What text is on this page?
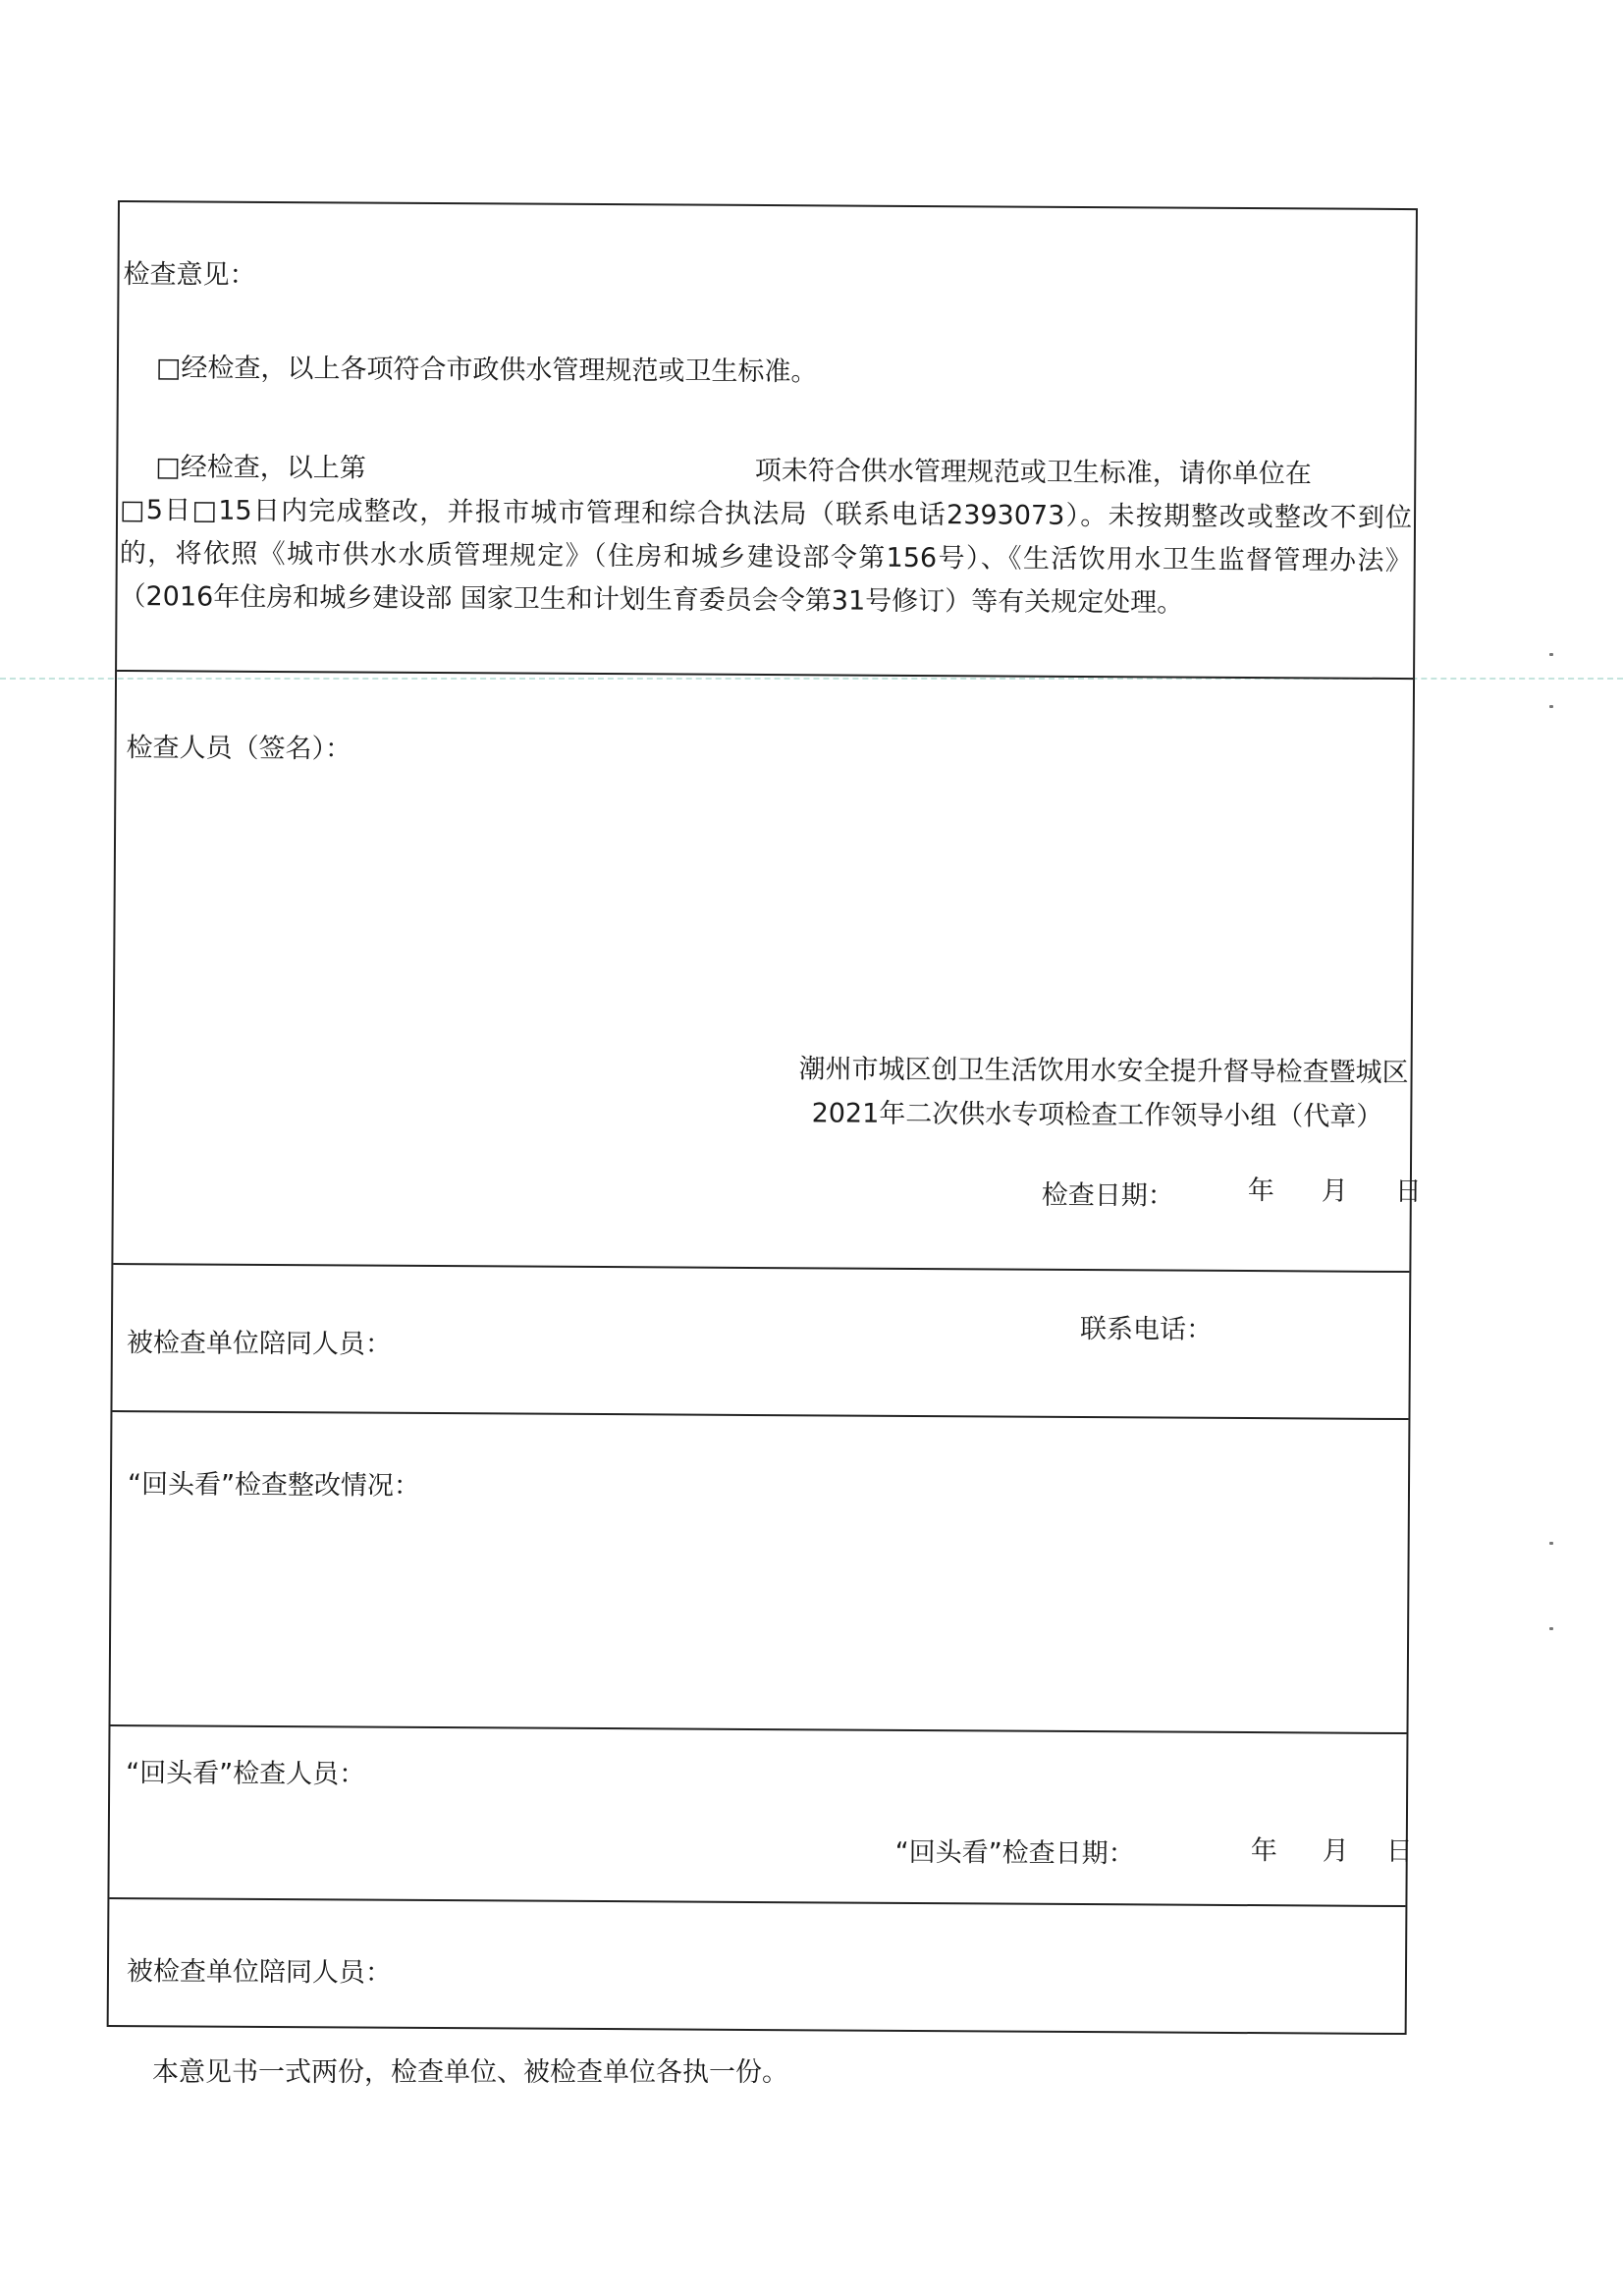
检查意见：
□经检查，以上各项符合市政供水管理规范或卫生标准。
□经检查，以上第	项未符合供水管理规范或卫生标准，请你单位在
□5日□15日内完成整改，并报市城市管理和综合执法局（联系电话2393073）。未按期整改或整改不到位的，将依照《城市供水水质管理规定》（住房和城乡建设部令第156号）、《生活饮用水卫生监督管理办法》（2016年住房和城乡建设部 国家卫生和计划生育委员会令第31号修订）等有关规定处理。
检查人员（签名）：
潮州市城区创卫生活饮用水安全提升督导检查暨城区
2021年二次供水专项检查工作领导小组（代章）
检查日期：	年 月 日
被检查单位陪同人员：	联系电话：
“回头看”检查整改情况：
“回头看”检查人员：
“回头看”检查日期：	年 月 日
被检查单位陪同人员：
本意见书一式两份，检查单位、被检查单位各执一份。
